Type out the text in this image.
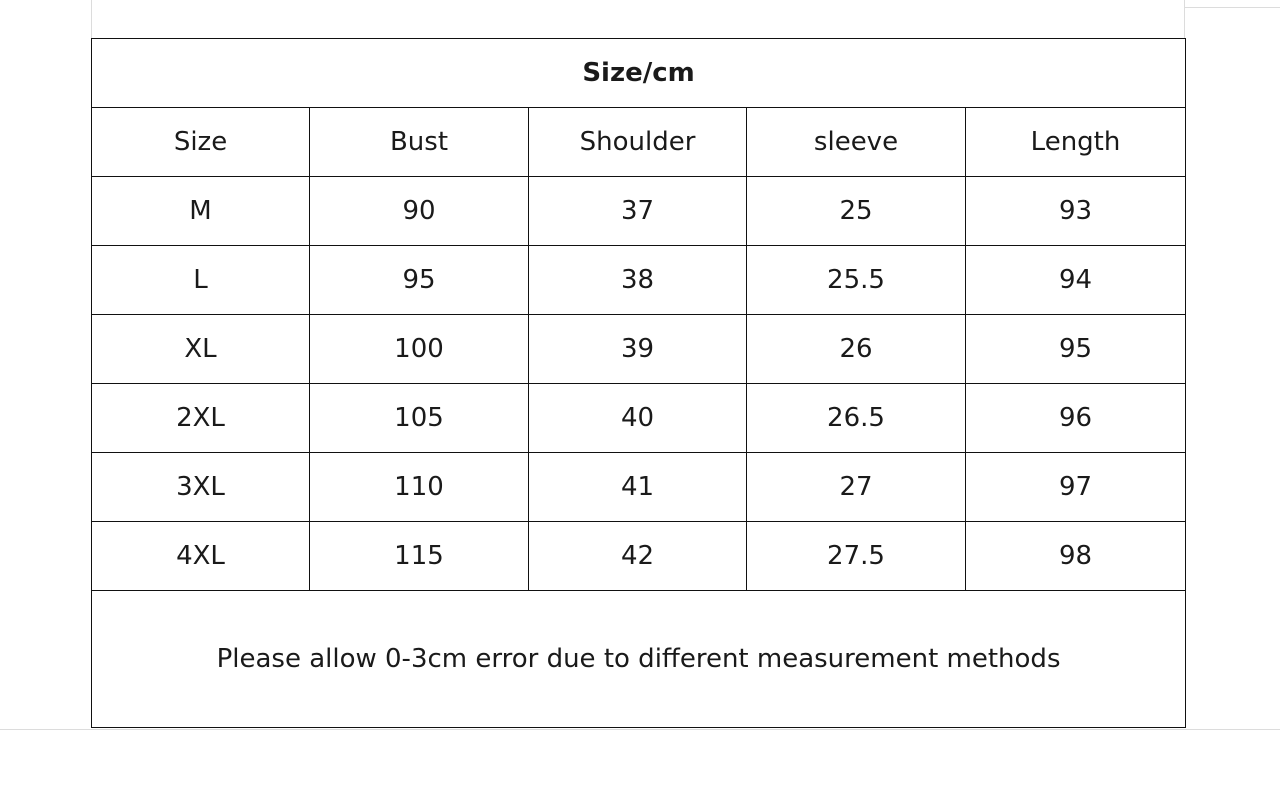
Size/cm				
Size	Bust	Shoulder	sleeve	Length
M	90	37	25	93
L	95	38	25.5	94
XL	100	39	26	95
2XL	105	40	26.5	96
3XL	110	41	27	97
4XL	115	42	27.5	98
Please allow 0-3cm error due to different measurement methods				
